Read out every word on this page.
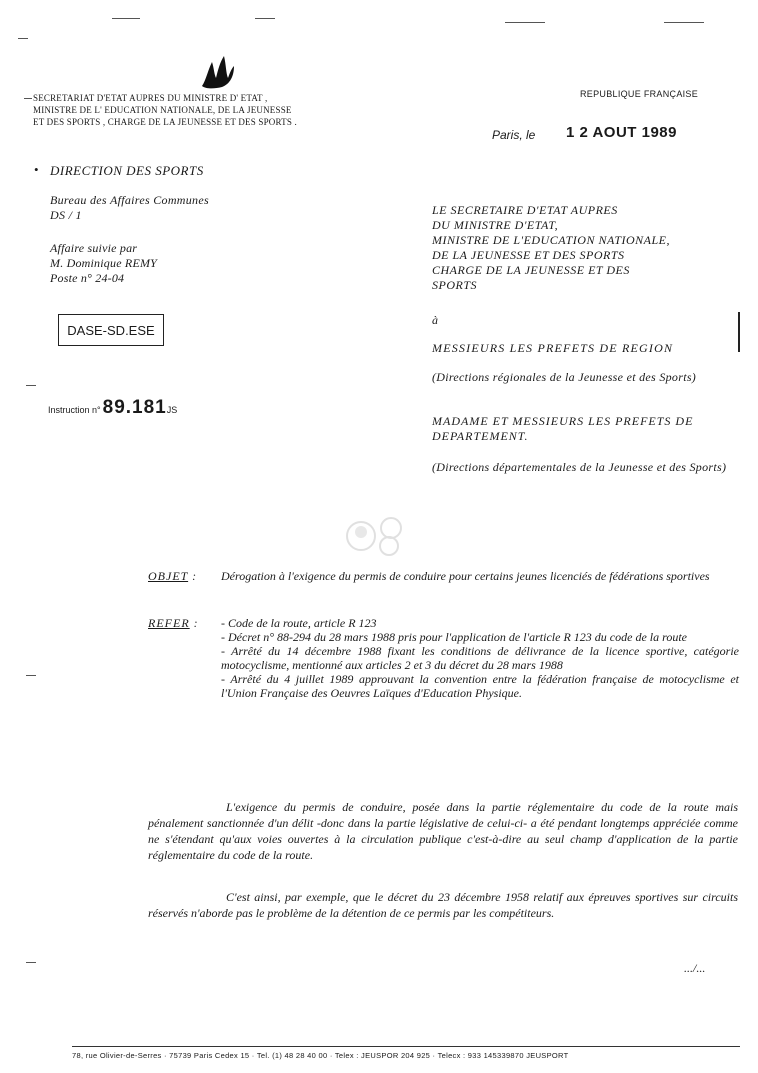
SECRETARIAT D'ETAT AUPRES DU MINISTRE D' ETAT ,
MINISTRE DE L' EDUCATION NATIONALE, DE LA JEUNESSE
ET DES SPORTS , CHARGE DE LA JEUNESSE ET DES SPORTS .
REPUBLIQUE FRANÇAISE
Paris, le 1 2 AOUT 1989
• DIRECTION DES SPORTS
Bureau des Affaires Communes
DS / 1
Affaire suivie par
M. Dominique REMY
Poste n° 24-04
DASE-SD.ESE
Instruction n° 89.181JS
LE SECRETAIRE D'ETAT AUPRES
DU MINISTRE D'ETAT,
MINISTRE DE L'EDUCATION NATIONALE,
DE LA JEUNESSE ET DES SPORTS
CHARGE DE LA JEUNESSE ET DES
SPORTS
à
MESSIEURS LES PREFETS DE REGION
(Directions régionales de la Jeunesse et des Sports)
MADAME ET MESSIEURS LES PREFETS DE DEPARTEMENT.
(Directions départementales de la Jeunesse et des Sports)
OBJET : Dérogation à l'exigence du permis de conduire pour certains jeunes licenciés de fédérations sportives
REFER : - Code de la route, article R 123
- Décret n° 88-294 du 28 mars 1988 pris pour l'application de l'article R 123 du code de la route
- Arrêté du 14 décembre 1988 fixant les conditions de délivrance de la licence sportive, catégorie motocyclisme, mentionné aux articles 2 et 3 du décret du 28 mars 1988
- Arrêté du 4 juillet 1989 approuvant la convention entre la fédération française de motocyclisme et l'Union Française des Oeuvres Laïques d'Education Physique.
L'exigence du permis de conduire, posée dans la partie réglementaire du code de la route mais pénalement sanctionnée d'un délit -donc dans la partie législative de celui-ci- a été pendant longtemps appréciée comme ne s'étendant qu'aux voies ouvertes à la circulation publique c'est-à-dire au seul champ d'application de la partie réglementaire du code de la route.
C'est ainsi, par exemple, que le décret du 23 décembre 1958 relatif aux épreuves sportives sur circuits réservés n'aborde pas le problème de la détention de ce permis par les compétiteurs.
.../...
78, rue Olivier-de-Serres · 75739 Paris Cedex 15 · Tel. (1) 48 28 40 00 · Telex : JEUSPOR 204 925 · Telecx : 933 145339870 JEUSPORT
